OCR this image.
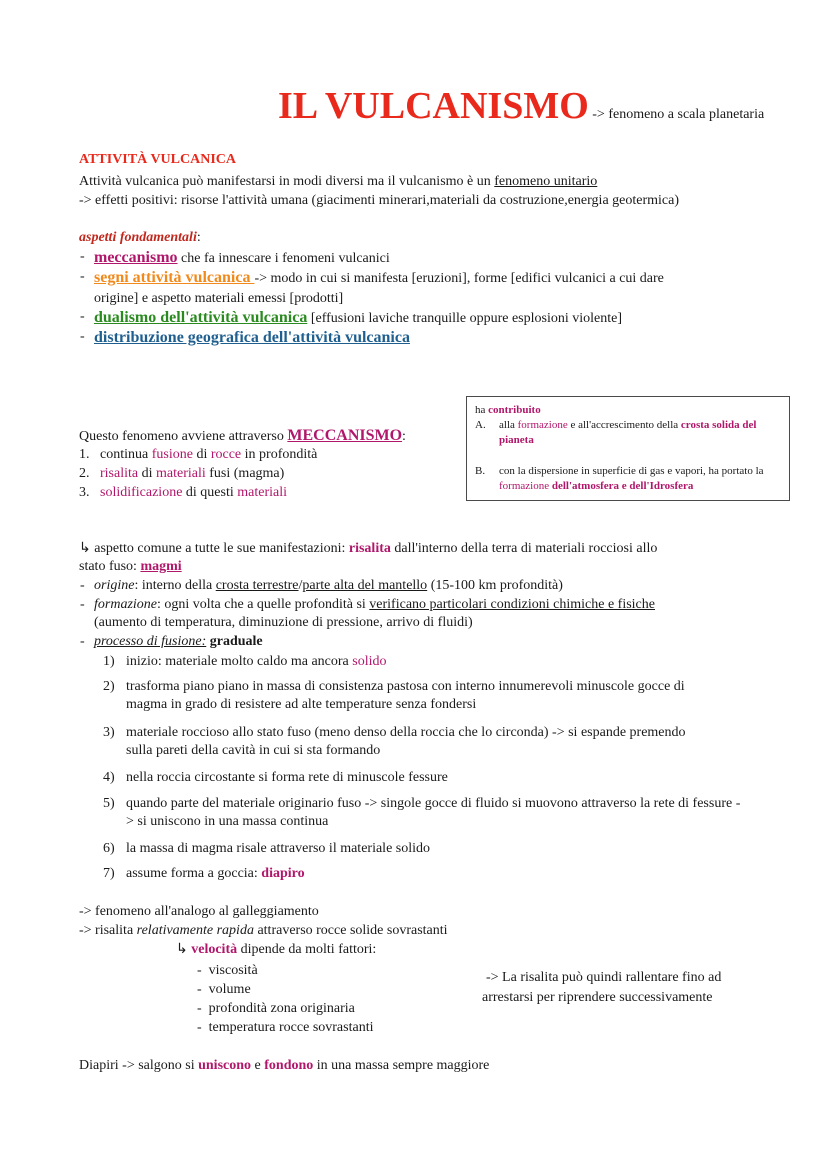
IL VULCANISMO -> fenomeno a scala planetaria
ATTIVITÀ VULCANICA
Attività vulcanica può manifestarsi in modi diversi ma il vulcanismo è un fenomeno unitario
-> effetti positivi: risorse l'attività umana (giacimenti minerari,materiali da costruzione,energia geotermica)
aspetti fondamentali:
- meccanismo che fa innescare i fenomeni vulcanici
- segni attività vulcanica -> modo in cui si manifesta [eruzioni], forme [edifici vulcanici a cui dare
origine] e aspetto materiali emessi [prodotti]
- dualismo dell'attività vulcanica [effusioni laviche tranquille oppure esplosioni violente]
- distribuzione geografica dell'attività vulcanica
Questo fenomeno avviene attraverso MECCANISMO:
1. continua fusione di rocce in profondità
2. risalita di materiali fusi (magma)
3. solidificazione di questi materiali
ha contribuito
A. alla formazione e all'accrescimento della crosta solida del pianeta
B. con la dispersione in superficie di gas e vapori, ha portato la formazione dell'atmosfera e dell'Idrosfera
↳ aspetto comune a tutte le sue manifestazioni: risalita dall'interno della terra di materiali rocciosi allo
stato fuso: magmi
- origine: interno della crosta terrestre/parte alta del mantello (15-100 km profondità)
- formazione: ogni volta che a quelle profondità si verificano particolari condizioni chimiche e fisiche
(aumento di temperatura, diminuzione di pressione, arrivo di fluidi)
- processo di fusione: graduale
1) inizio: materiale molto caldo ma ancora solido
2) trasforma piano piano in massa di consistenza pastosa con interno innumerevoli minuscole gocce di magma in grado di resistere ad alte temperature senza fondersi
3) materiale roccioso allo stato fuso (meno denso della roccia che lo circonda) -> si espande premendo sulla pareti della cavità in cui si sta formando
4) nella roccia circostante si forma rete di minuscole fessure
5) quando parte del materiale originario fuso -> singole gocce di fluido si muovono attraverso la rete di fessure -> si uniscono in una massa continua
6) la massa di magma risale attraverso il materiale solido
7) assume forma a goccia: diapiro
-> fenomeno all'analogo al galleggiamento
-> risalita relativamente rapida attraverso rocce solide sovrastanti
↳ velocità dipende da molti fattori:
-  viscosità
-  volume
-  profondità zona originaria
-  temperatura rocce sovrastanti
-> La risalita può quindi rallentare fino ad
arrestarsi per riprendere successivamente
Diapiri -> salgono si uniscono e fondono in una massa sempre maggiore
